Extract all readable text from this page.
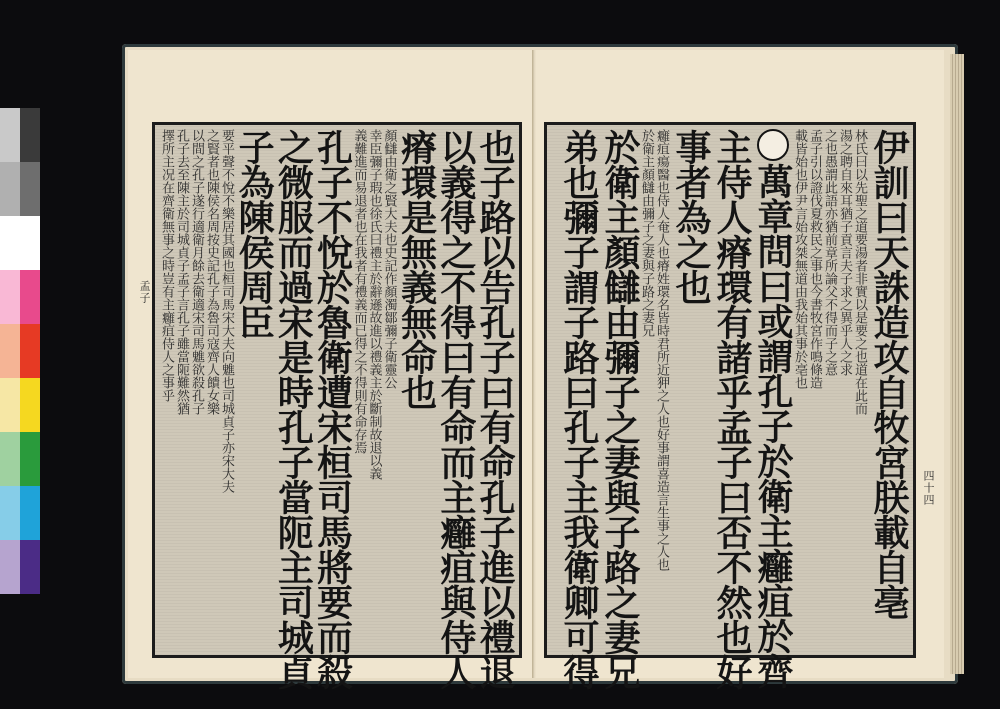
孟子	也子路以告孔子曰有命孔子進以禮退
以義得之不得曰有命而主癰疽與侍人
瘠環是無義無命也
顏讎由衛之賢大夫也史記作顏濁鄒彌子衛靈公
幸臣彌子瑕也徐氏曰禮主於辭遜故進以禮義主於斷制故退以義
義難進而易退者也在我者有禮義而已得之不得則有命存焉
孔子不悅於魯衛遭宋桓司馬將要而殺
之微服而過宋是時孔子當阨主司城貞
子為陳侯周臣
要平聲不悅不樂居其國也桓司馬宋大夫向魋也司城貞子亦宋大夫
之賢者也陳侯名周按史記孔子為魯司寇齊人饋女樂
以間之孔子遂行適衛月餘去衛適宋司馬魋欲殺孔子
孔子去至陳主於司城貞子孟子言孔子雖當阨難然猶
擇所主况在齊衛無事之時豈有主癰疽侍人之事乎	伊訓曰天誅造攻自牧宮朕載自亳
林氏曰以先聖之道要湯者非實以是要之也道在此而
湯之聘自來耳猶子貢言夫子求之異乎人之求
之也愚謂此語亦猶前章所論父不得而子之意
孟子引以證伐夏救民之事也今書牧宮作鳴條造
載皆始也伊尹言始攻桀無道由我始其事於亳也
萬章問曰或謂孔子於衛主癰疽於齊
主侍人瘠環有諸乎孟子曰否不然也好
事者為之也
癰疽瘍醫也侍人奄人也瘠姓環名皆時君所近狎之人也好事謂喜造言生事之人也
於衛主顏讎由彌子之妻與子路之妻兄
於衛主顏讎由彌子之妻與子路之妻兄
弟也彌子謂子路曰孔子主我衛卿可得	四十四
